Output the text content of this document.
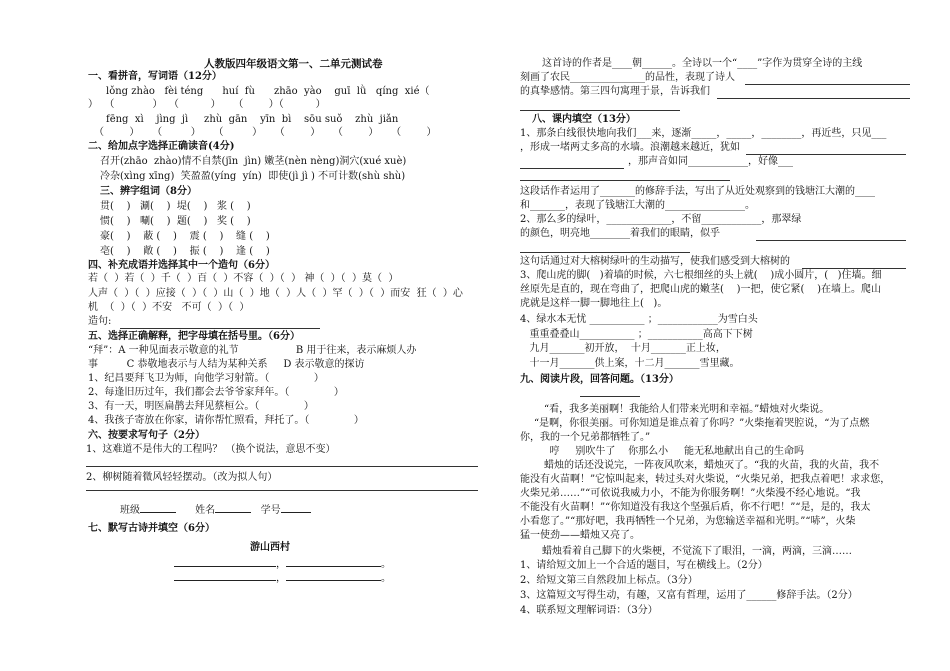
人教版四年级语文第一、二单元测试卷
一、看拼音，写词语（12分）
lǒng zhào   fèi téng      huí  fù      zhāo  yào    guī  lǜ   qíng  xié（
）  （            ）  （          ）    （        ）（          ）
fēng  xì    jìng  jì     zhù  gān    yīn  bì    sōu suǒ    zhù  jiǎn
（        ）    （         ）    （         ）    （        ）    （        ）    （        ）
二、给加点字选择正确读音(4分)
召开(zhāo  zhào)情不自禁(jīn  jìn) 嫩茎(nèn nèng)洞穴(xué xuè)
冷杂(xìng xīng)  笑盈盈(yíng  yín)  即使(jì jì ) 不可计数(shù shù)
三、辨字组词（8分）
贯(    )   涮(    )  堤(    )   浆 (    )
惯(    )   唰(    )  题(    )   奖 (    )
豪(    )    蔽 (    )    震 (    )    缝 (    )
亳(    )    敞 (    )    振 (    )    逢 (    )
四、补充成语并选择其中一个造句（6分）
若（  ）若（  ）千（  ）百（  ）不容（  ）（  ） 神（  ）（  ）莫（  ）
人声（  ）（  ）应接（  ）（  ）山（  ）地（  ）人（  ）罕（  ）（  ）而安  狂（  ）心
机  （  ）（  ）不安   不可（  ）（  ）
造句:
五、选择正确解释，把字母填在括号里。（6分）
“拜”：A 一种见面表示敬意的礼节                  B 用于往来，表示麻烦人办
事         C 恭敬地表示与人结为某种关系     D 表示敬意的探访
1、纪昌要拜飞卫为师，向他学习射箭。（              ）
2、每逢旧历过年，我们都会去爷爷家拜年。（              ）
3、有一天，明医扁鹊去拜见蔡桓公。（              ）
4、我孩子寄放在你家，请你帮忙照看，拜托了。（              ）
六、按要求写句子（2分）
1、这难道不是伟大的工程吗？ （换个说法，意思不变）
2、柳树随着微风轻轻摆动。（改为拟人句）
班级	姓名	学号
七、默写古诗并填空（6分）
游山西村
，	。
，	。
这首诗的作者是____朝______。全诗以一个“____”字作为贯穿全诗的主线
刻画了农民_______________的品性，表现了诗人
的真挚感情。第三四句寓理于景，告诉我们
八、课内填空（13分）
1、那条白线很快地向我们___来，逐渐_____，_____，________，再近些，只见___
，形成一堵两丈多高的水墙。浪潮越来越近，犹如
，那声音如同____________，好像___
这段话作者运用了_______的修辞手法，写出了从近处观察到的钱塘江大潮的____
和_______，表现了钱塘江大潮的________________。
2、那么多的绿叶，_____________，不留____________，那翠绿
的颜色，明亮地________着我们的眼睛，似乎
这句话通过对大榕树绿叶的生动描写，使我们感受到大榕树的
3、爬山虎的脚(   )着墙的时候，六七根细丝的头上就(    )成小圆片，(   )住墙。细
丝原先是直的，现在弯曲了，把爬山虎的嫩茎(    )一把，使它紧(    )在墙上。爬山
虎就是这样一脚一脚地往上(   )。
4、绿水本无忧 ___________ ；____________为雪白头
重重叠叠山___________ ；___________高高下下树
九月_______初开放，  十月_______正上妆，
十一月_______供上案，十二月_______雪里藏。
九、阅读片段，回答问题。（13分）
“看，我多美丽啊！我能给人们带来光明和幸福。”蜡烛对火柴说。
“是啊，你很美丽。可你知道是谁点着了你吗？”火柴拖着哭腔说，“为了点燃
你，我的一个兄弟都牺牲了。”
哼     别吹牛了    你那么小     能无私地献出自己的生命吗
蜡烛的话还没说完，一阵夜风吹来，蜡烛灭了。“我的火苗，我的火苗，我不
能没有火苗啊！”它惊叫起来，转过头对火柴说，“火柴兄弟，把我点着吧！求求您，
火柴兄弟……”“可依说我威力小，不能为你服务啊！”火柴漫不经心地说。“我
不能没有火苗啊！”“你知道没有我这个坚强后盾，你不行吧！”“是，是的，我太
小看您了。”“那好吧，我再牺牲一个兄弟，为您输送幸福和光明。”“哧”，火柴
猛一使劲——蜡烛又亮了。
蜡烛看着自己脚下的火柴梗，不觉流下了眼泪，一滴，两滴，三滴……
1、请给短文加上一个合适的题目，写在横线上。（2分）
2、给短文第三自然段加上标点。（3分）
3、这篇短文写得生动，有趣，又富有哲理，运用了______修辞手法。（2分）
4、联系短文理解词语：（3分）
